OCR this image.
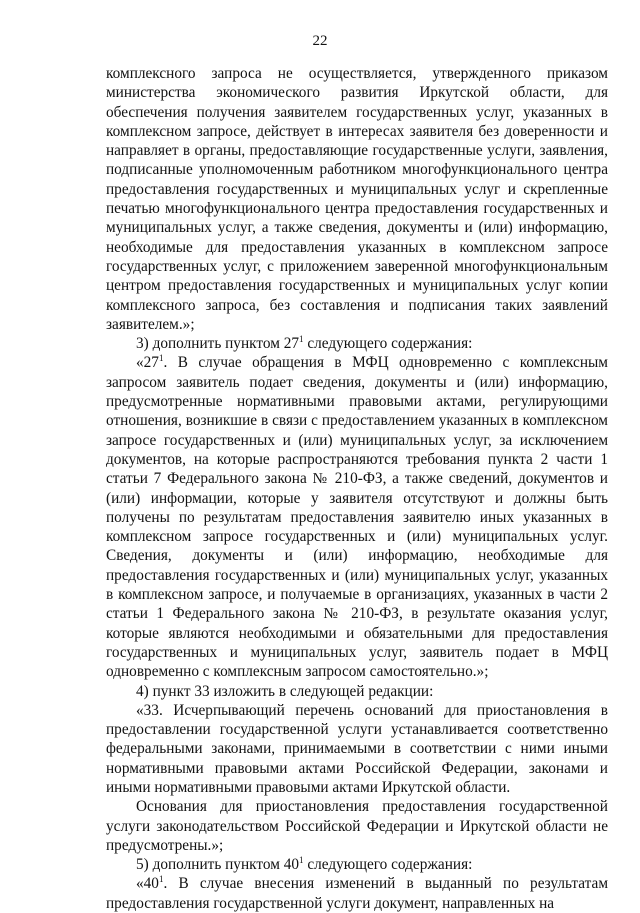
22

комплексного запроса не осуществляется, утвержденного приказом министерства экономического развития Иркутской области, для обеспечения получения заявителем государственных услуг, указанных в комплексном запросе, действует в интересах заявителя без доверенности и направляет в органы, предоставляющие государственные услуги, заявления, подписанные уполномоченным работником многофункционального центра предоставления государственных и муниципальных услуг и скрепленные печатью многофункционального центра предоставления государственных и муниципальных услуг, а также сведения, документы и (или) информацию, необходимые для предоставления указанных в комплексном запросе государственных услуг, с приложением заверенной многофункциональным центром предоставления государственных и муниципальных услуг копии комплексного запроса, без составления и подписания таких заявлений заявителем.»;

3) дополнить пунктом $27^1$ следующего содержания:

«$27^1$. В случае обращения в МФЦ одновременно с комплексным запросом заявитель подает сведения, документы и (или) информацию, предусмотренные нормативными правовыми актами, регулирующими отношения, возникшие в связи с предоставлением указанных в комплексном запросе государственных и (или) муниципальных услуг, за исключением документов, на которые распространяются требования пункта 2 части 1 статьи 7 Федерального закона № 210-ФЗ, а также сведений, документов и (или) информации, которые у заявителя отсутствуют и должны быть получены по результатам предоставления заявителю иных указанных в комплексном запросе государственных и (или) муниципальных услуг. Сведения, документы и (или) информацию, необходимые для предоставления государственных и (или) муниципальных услуг, указанных в комплексном запросе, и получаемые в организациях, указанных в части 2 статьи 1 Федерального закона № 210-ФЗ, в результате оказания услуг, которые являются необходимыми и обязательными для предоставления государственных и муниципальных услуг, заявитель подает в МФЦ одновременно с комплексным запросом самостоятельно.»;

4) пункт 33 изложить в следующей редакции:

«33. Исчерпывающий перечень оснований для приостановления в предоставлении государственной услуги устанавливается соответственно федеральными законами, принимаемыми в соответствии с ними иными нормативными правовыми актами Российской Федерации, законами и иными нормативными правовыми актами Иркутской области.

Основания для приостановления предоставления государственной услуги законодательством Российской Федерации и Иркутской области не предусмотрены.»;

5) дополнить пунктом $40^1$ следующего содержания:

«$40^1$. В случае внесения изменений в выданный по результатам предоставления государственной услуги документ, направленных на
